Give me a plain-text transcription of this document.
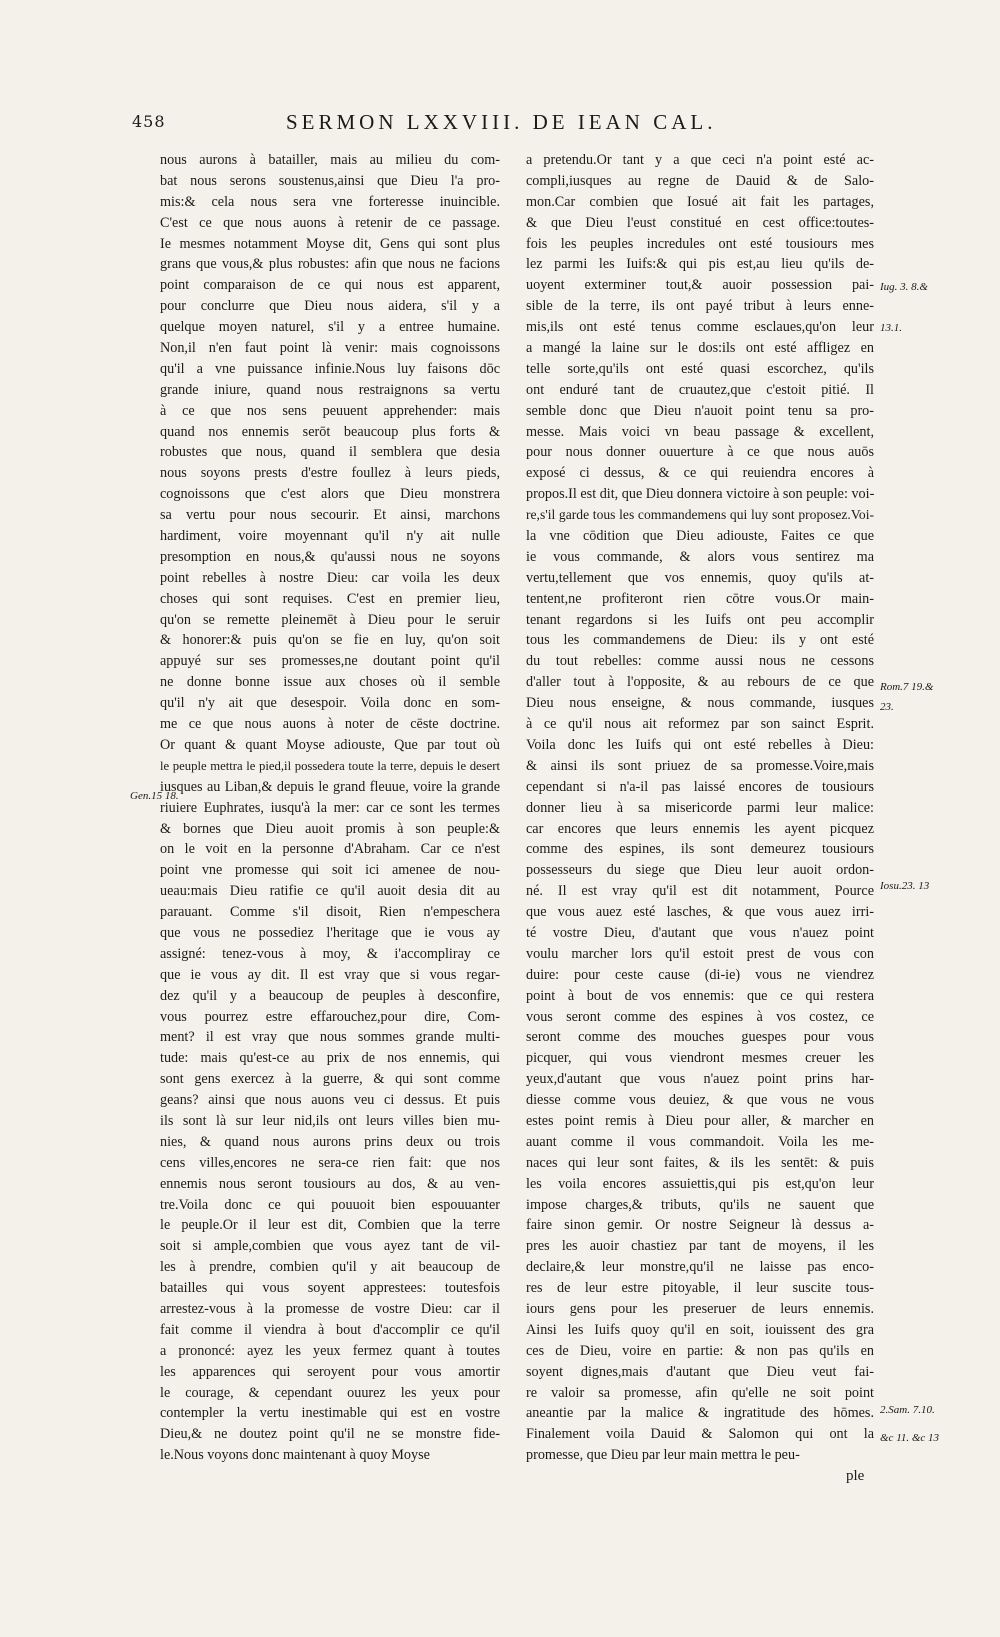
458	SERMON LXXVIII. DE IEAN CAL.
nous aurons à batailler, mais au milieu du com-
bat nous serons soustenus,ainsi que Dieu l'a pro-
mis:& cela nous sera vne forteresse inuincible.
C'est ce que nous auons à retenir de ce passage.
Ie mesmes notamment Moyse dit, Gens qui sont plus
grans que vous,& plus robustes: afin que nous ne facions
point comparaison de ce qui nous est apparent,
pour conclurre que Dieu nous aidera, s'il y a
quelque moyen naturel, s'il y a entree humaine.
Non,il n'en faut point là venir: mais cognoissons
qu'il a vne puissance infinie.Nous luy faisons dōc
grande iniure, quand nous restraignons sa vertu
à ce que nos sens peuuent apprehender: mais
quand nos ennemis serōt beaucoup plus forts &
robustes que nous, quand il semblera que desia
nous soyons prests d'estre foullez à leurs pieds,
cognoissons que c'est alors que Dieu monstrera
sa vertu pour nous secourir. Et ainsi, marchons
hardiment, voire moyennant qu'il n'y ait nulle
presomption en nous,& qu'aussi nous ne soyons
point rebelles à nostre Dieu: car voila les deux
choses qui sont requises. C'est en premier lieu,
qu'on se remette pleinemēt à Dieu pour le seruir
& honorer:& puis qu'on se fie en luy, qu'on soit
appuyé sur ses promesses,ne doutant point qu'il
ne donne bonne issue aux choses où il semble
qu'il n'y ait que desespoir. Voila donc en som-
me ce que nous auons à noter de cēste doctrine.
Or quant & quant Moyse adiouste, Que par tout où
le peuple mettra le pied,il possedera toute la terre, depuis le desert
iusques au Liban,& depuis le grand fleuue, voire la grande
riuiere Euphrates, iusqu'à la mer: car ce sont les termes
& bornes que Dieu auoit promis à son peuple:&
on le voit en la personne d'Abraham. Car ce n'est
point vne promesse qui soit ici amenee de nou-
ueau:mais Dieu ratifie ce qu'il auoit desia dit au
parauant. Comme s'il disoit, Rien n'empeschera
que vous ne possediez l'heritage que ie vous ay
assigné: tenez-vous à moy, & i'accompliray ce
que ie vous ay dit. Il est vray que si vous regar-
dez qu'il y a beaucoup de peuples à desconfire,
vous pourrez estre effarouchez,pour dire, Com-
ment? il est vray que nous sommes grande multi-
tude: mais qu'est-ce au prix de nos ennemis, qui
sont gens exercez à la guerre, & qui sont comme
geans? ainsi que nous auons veu ci dessus. Et puis
ils sont là sur leur nid,ils ont leurs villes bien mu-
nies, & quand nous aurons prins deux ou trois
cens villes,encores ne sera-ce rien fait: que nos
ennemis nous seront tousiours au dos, & au ven-
tre.Voila donc ce qui pouuoit bien espouuanter
le peuple.Or il leur est dit, Combien que la terre
soit si ample,combien que vous ayez tant de vil-
les à prendre, combien qu'il y ait beaucoup de
batailles qui vous soyent apprestees: toutesfois
arrestez-vous à la promesse de vostre Dieu: car il
fait comme il viendra à bout d'accomplir ce qu'il
a prononcé: ayez les yeux fermez quant à toutes
les apparences qui seroyent pour vous amortir
le courage, & cependant ouurez les yeux pour
contempler la vertu inestimable qui est en vostre
Dieu,& ne doutez point qu'il ne se monstre fide-
le.Nous voyons donc maintenant à quoy Moyse
a pretendu.Or tant y a que ceci n'a point esté ac-
compli,iusques au regne de Dauid & de Salo-
mon.Car combien que Iosué ait fait les partages,
& que Dieu l'eust constitué en cest office:toutes-
fois les peuples incredules ont esté tousiours mes
lez parmi les Iuifs:& qui pis est,au lieu qu'ils de-
uoyent exterminer tout,& auoir possession pai-
sible de la terre, ils ont payé tribut à leurs enne-
mis,ils ont esté tenus comme esclaues,qu'on leur
a mangé la laine sur le dos:ils ont esté affligez en
telle sorte,qu'ils ont esté quasi escorchez, qu'ils
ont enduré tant de cruautez,que c'estoit pitié. Il
semble donc que Dieu n'auoit point tenu sa pro-
messe. Mais voici vn beau passage & excellent,
pour nous donner ouuerture à ce que nous auōs
exposé ci dessus, & ce qui reuiendra encores à
propos.Il est dit, que Dieu donnera victoire à son peuple: voi-
re,s'il garde tous les commandemens qui luy sont proposez.Voi-
la vne cōdition que Dieu adiouste, Faites ce que
ie vous commande, & alors vous sentirez ma
vertu,tellement que vos ennemis, quoy qu'ils at-
tentent,ne profiteront rien cōtre vous.Or main-
tenant regardons si les Iuifs ont peu accomplir
tous les commandemens de Dieu: ils y ont esté
du tout rebelles: comme aussi nous ne cessons
d'aller tout à l'opposite, & au rebours de ce que
Dieu nous enseigne, & nous commande, iusques
à ce qu'il nous ait reformez par son sainct Esprit.
Voila donc les Iuifs qui ont esté rebelles à Dieu:
& ainsi ils sont priuez de sa promesse.Voire,mais
cependant si n'a-il pas laissé encores de tousiours
donner lieu à sa misericorde parmi leur malice:
car encores que leurs ennemis les ayent picquez
comme des espines, ils sont demeurez tousiours
possesseurs du siege que Dieu leur auoit ordon-
né. Il est vray qu'il est dit notamment, Pource
que vous auez esté lasches, & que vous auez irri-
té vostre Dieu, d'autant que vous n'auez point
voulu marcher lors qu'il estoit prest de vous con
duire: pour ceste cause (di-ie) vous ne viendrez
point à bout de vos ennemis: que ce qui restera
vous seront comme des espines à vos costez, ce
seront comme des mouches guespes pour vous
picquer, qui vous viendront mesmes creuer les
yeux,d'autant que vous n'auez point prins har-
diesse comme vous deuiez, & que vous ne vous
estes point remis à Dieu pour aller, & marcher en
auant comme il vous commandoit. Voila les me-
naces qui leur sont faites, & ils les sentēt: & puis
les voila encores assuiettis,qui pis est,qu'on leur
impose charges,& tributs, qu'ils ne sauent que
faire sinon gemir. Or nostre Seigneur là dessus a-
pres les auoir chastiez par tant de moyens, il les
declaire,& leur monstre,qu'il ne laisse pas enco-
res de leur estre pitoyable, il leur suscite tous-
iours gens pour les preseruer de leurs ennemis.
Ainsi les Iuifs quoy qu'il en soit, iouissent des gra
ces de Dieu, voire en partie: & non pas qu'ils en
soyent dignes,mais d'autant que Dieu veut fai-
re valoir sa promesse, afin qu'elle ne soit point
aneantie par la malice & ingratitude des hōmes.
Finalement voila Dauid & Salomon qui ont la
promesse, que Dieu par leur main mettra le peu-
Gen.15 18.
Iug. 3. 8.&
13.1.
Rom.7 19.&
23.
Iosu.23. 13
2.Sam. 7.10.
&c 11. &c 13
ple
